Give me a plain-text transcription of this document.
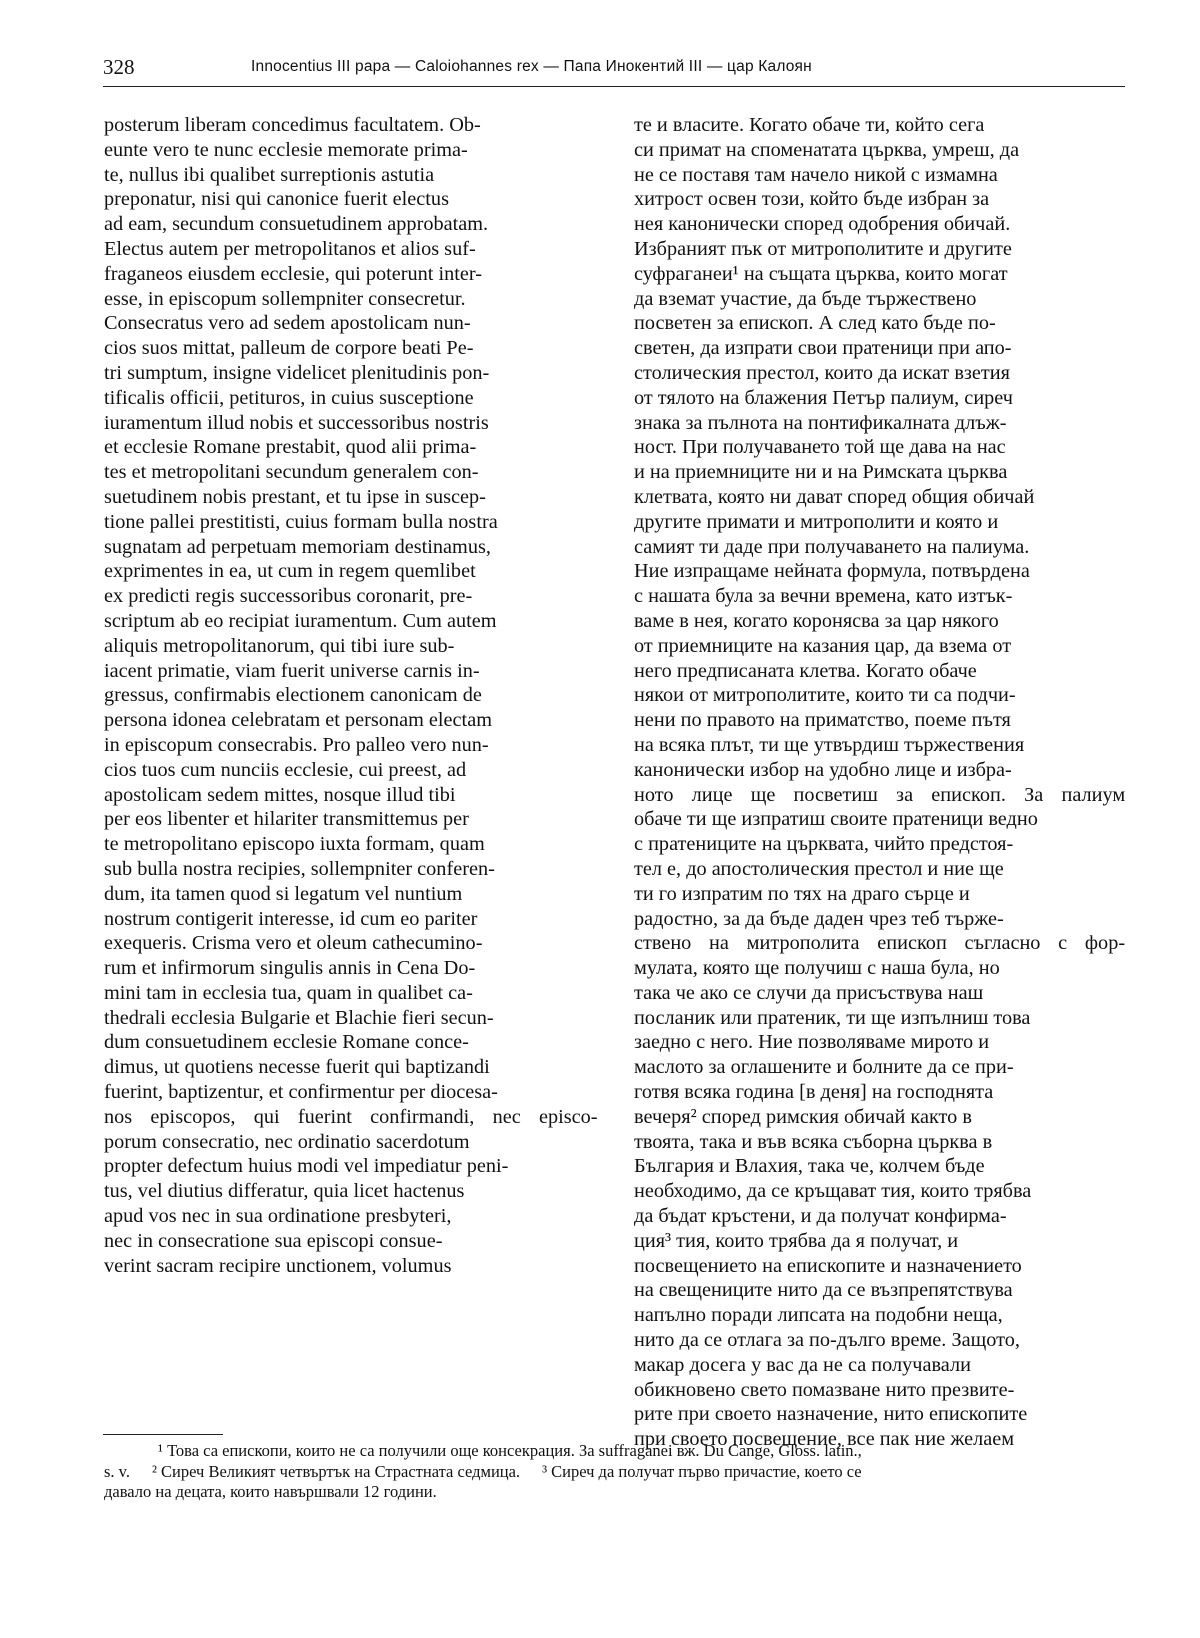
328	Innocentius III papa — Caloiohannes rex — Папа Инокентий III — цар Калоян
posterum liberam concedimus facultatem. Ob-
eunte vero te nunc ecclesie memorate prima-
te, nullus ibi qualibet surreptionis astutia
preponatur, nisi qui canonice fuerit electus
ad eam, secundum consuetudinem approbatam.
Electus autem per metropolitanos et alios suf-
fraganeos eiusdem ecclesie, qui poterunt inter-
esse, in episcopum sollempniter consecretur.
Consecratus vero ad sedem apostolicam nun-
cios suos mittat, palleum de corpore beati Pe-
tri sumptum, insigne videlicet plenitudinis pon-
tificalis officii, petituros, in cuius susceptione
iuramentum illud nobis et successoribus nostris
et ecclesie Romane prestabit, quod alii prima-
tes et metropolitani secundum generalem con-
suetudinem nobis prestant, et tu ipse in suscep-
tione pallei prestitisti, cuius formam bulla nostra
sugnatam ad perpetuam memoriam destinamus,
exprimentes in ea, ut cum in regem quemlibet
ex predicti regis successoribus coronarit, pre-
scriptum ab eo recipiat iuramentum. Cum autem
aliquis metropolitanorum, qui tibi iure sub-
iacent primatie, viam fuerit universe carnis in-
gressus, confirmabis electionem canonicam de
persona idonea celebratam et personam electam
in episcopum consecrabis. Pro palleo vero nun-
cios tuos cum nunciis ecclesie, cui preest, ad
apostolicam sedem mittes, nosque illud tibi
per eos libenter et hilariter transmittemus per
te metropolitano episcopo iuxta formam, quam
sub bulla nostra recipies, sollempniter conferen-
dum, ita tamen quod si legatum vel nuntium
nostrum contigerit interesse, id cum eo pariter
exequeris. Crisma vero et oleum cathecumino-
rum et infirmorum singulis annis in Cena Do-
mini tam in ecclesia tua, quam in qualibet ca-
thedrali ecclesia Bulgarie et Blachie fieri secun-
dum consuetudinem ecclesie Romane conce-
dimus, ut quotiens necesse fuerit qui baptizandi
fuerint, baptizentur, et confirmentur per diocesa-
nos episcopos, qui fuerint confirmandi, nec episco-
porum consecratio, nec ordinatio sacerdotum
propter defectum huius modi vel impediatur peni-
tus, vel diutius differatur, quia licet hactenus
apud vos nec in sua ordinatione presbyteri,
nec in consecratione sua episcopi consue-
verint sacram recipire unctionem, volumus
те и власите. Когато обаче ти, който сега
си примат на споменатата църква, умреш, да
не се поставя там начело никой с измамна
хитрост освен този, който бъде избран за
нея канонически според одобрения обичай.
Избраният пък от митрополитите и другите
суфраганеи¹ на същата църква, които могат
да вземат участие, да бъде тържествено
посветен за епископ. А след като бъде по-
светен, да изпрати свои пратеници при апо-
столическия престол, които да искат взетия
от тялото на блажения Петър палиум, сиреч
знака за пълнота на понтификалната длъж-
ност. При получаването той ще дава на нас
и на приемниците ни и на Римската църква
клетвата, която ни дават според общия обичай
другите примати и митрополити и която и
самият ти даде при получаването на палиума.
Ние изпращаме нейната формула, потвърдена
с нашата була за вечни времена, като изтък-
ваме в нея, когато коронясва за цар някого
от приемниците на казания цар, да взема от
него предписаната клетва. Когато обаче
някои от митрополитите, които ти са подчи-
нени по правото на приматство, поеме пътя
на всяка плът, ти ще утвърдиш тържествения
канонически избор на удобно лице и избра-
ното лице ще посветиш за епископ. За палиум
обаче ти ще изпратиш своите пратеници ведно
с пратениците на църквата, чийто предстоя-
тел е, до апостолическия престол и ние ще
ти го изпратим по тях на драго сърце и
радостно, за да бъде даден чрез теб търже-
ствено на митрополита епископ съгласно с фор-
мулата, която ще получиш с наша була, но
така че ако се случи да присъствува наш
посланик или пратеник, ти ще изпълниш това
заедно с него. Ние позволяваме мирото и
маслото за оглашените и болните да се при-
готвя всяка година [в деня] на господнята
вечеря² според римския обичай както в
твоята, така и във всяка съборна църква в
България и Влахия, така че, колчем бъде
необходимо, да се кръщават тия, които трябва
да бъдат кръстени, и да получат конфирма-
ция³ тия, които трябва да я получат, и
посвещението на епископите и назначението
на свещениците нито да се възпрепятствува
напълно поради липсата на подобни неща,
нито да се отлага за по-дълго време. Защото,
макар досега у вас да не са получавали
обикновено свето помазване нито презвите-
рите при своето назначение, нито епископите
при своето посвещение, все пак ние желаем
¹ Това са епископи, които не са получили още консекрация. За suffraganei вж. Du Cange, Gloss. latin.,
s. v. ² Сиреч Великият четвъртък на Страстната седмица. ³ Сиреч да получат първо причастие, което се
давало на децата, които навършвали 12 години.
